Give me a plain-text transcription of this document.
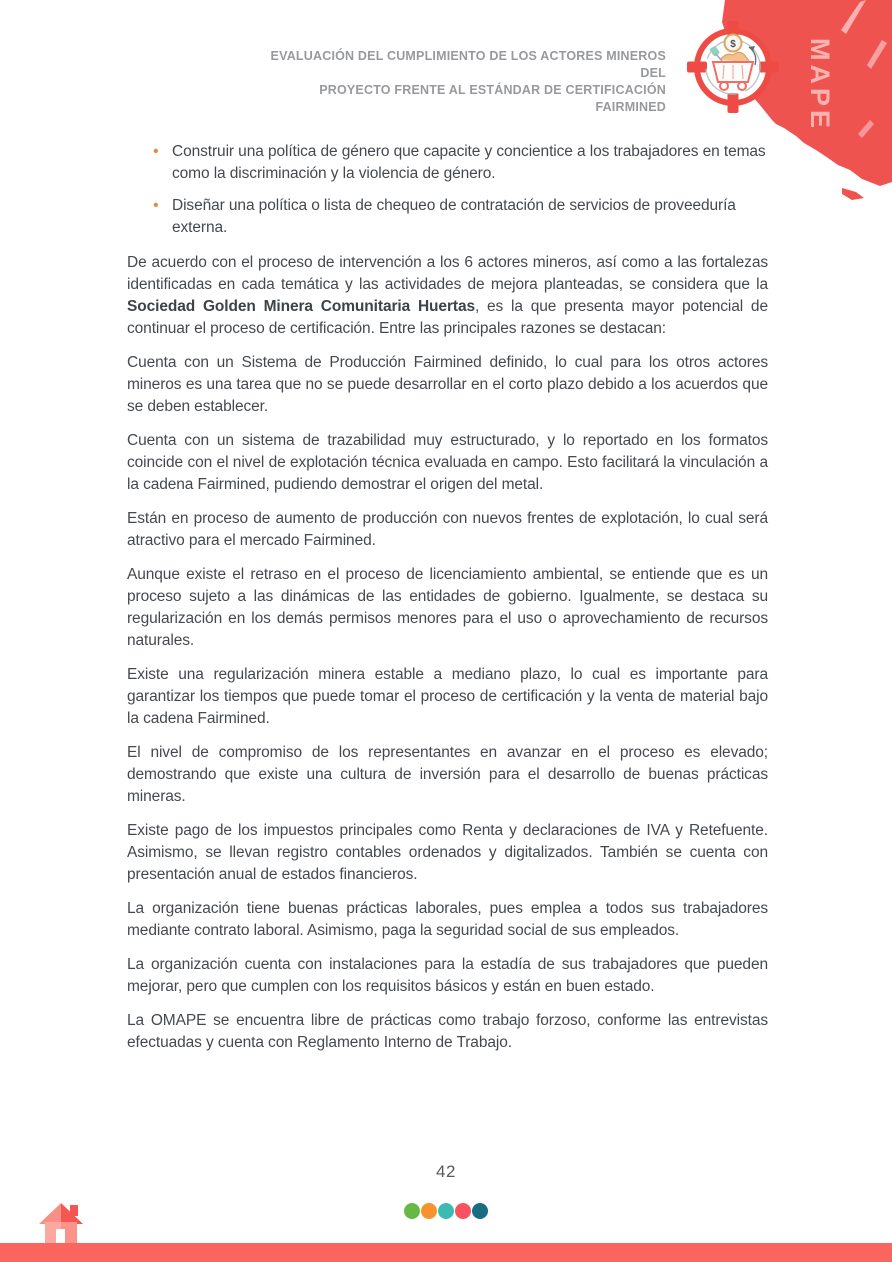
$	MAPE
EVALUACIÓN DEL CUMPLIMIENTO DE LOS ACTORES MINEROS DEL
PROYECTO FRENTE AL ESTÁNDAR DE CERTIFICACIÓN FAIRMINED
• Construir una política de género que capacite y concientice a los trabajadores en temas como la discriminación y la violencia de género.
• Diseñar una política o lista de chequeo de contratación de servicios de proveeduría externa.

De acuerdo con el proceso de intervención a los 6 actores mineros, así como a las fortalezas identificadas en cada temática y las actividades de mejora planteadas, se considera que la Sociedad Golden Minera Comunitaria Huertas, es la que presenta mayor potencial de continuar el proceso de certificación. Entre las principales razones se destacan:

Cuenta con un Sistema de Producción Fairmined definido, lo cual para los otros actores mineros es una tarea que no se puede desarrollar en el corto plazo debido a los acuerdos que se deben establecer.

Cuenta con un sistema de trazabilidad muy estructurado, y lo reportado en los formatos coincide con el nivel de explotación técnica evaluada en campo. Esto facilitará la vinculación a la cadena Fairmined, pudiendo demostrar el origen del metal.

Están en proceso de aumento de producción con nuevos frentes de explotación, lo cual será atractivo para el mercado Fairmined.

Aunque existe el retraso en el proceso de licenciamiento ambiental, se entiende que es un proceso sujeto a las dinámicas de las entidades de gobierno. Igualmente, se destaca su regularización en los demás permisos menores para el uso o aprovechamiento de recursos naturales.

Existe una regularización minera estable a mediano plazo, lo cual es importante para garantizar los tiempos que puede tomar el proceso de certificación y la venta de material bajo la cadena Fairmined.

El nivel de compromiso de los representantes en avanzar en el proceso es elevado; demostrando que existe una cultura de inversión para el desarrollo de buenas prácticas mineras.

Existe pago de los impuestos principales como Renta y declaraciones de IVA y Retefuente. Asimismo, se llevan registro contables ordenados y digitalizados. También se cuenta con presentación anual de estados financieros.

La organización tiene buenas prácticas laborales, pues emplea a todos sus trabajadores mediante contrato laboral. Asimismo, paga la seguridad social de sus empleados.

La organización cuenta con instalaciones para la estadía de sus trabajadores que pueden mejorar, pero que cumplen con los requisitos básicos y están en buen estado.

La OMAPE se encuentra libre de prácticas como trabajo forzoso, conforme las entrevistas efectuadas y cuenta con Reglamento Interno de Trabajo.

42
